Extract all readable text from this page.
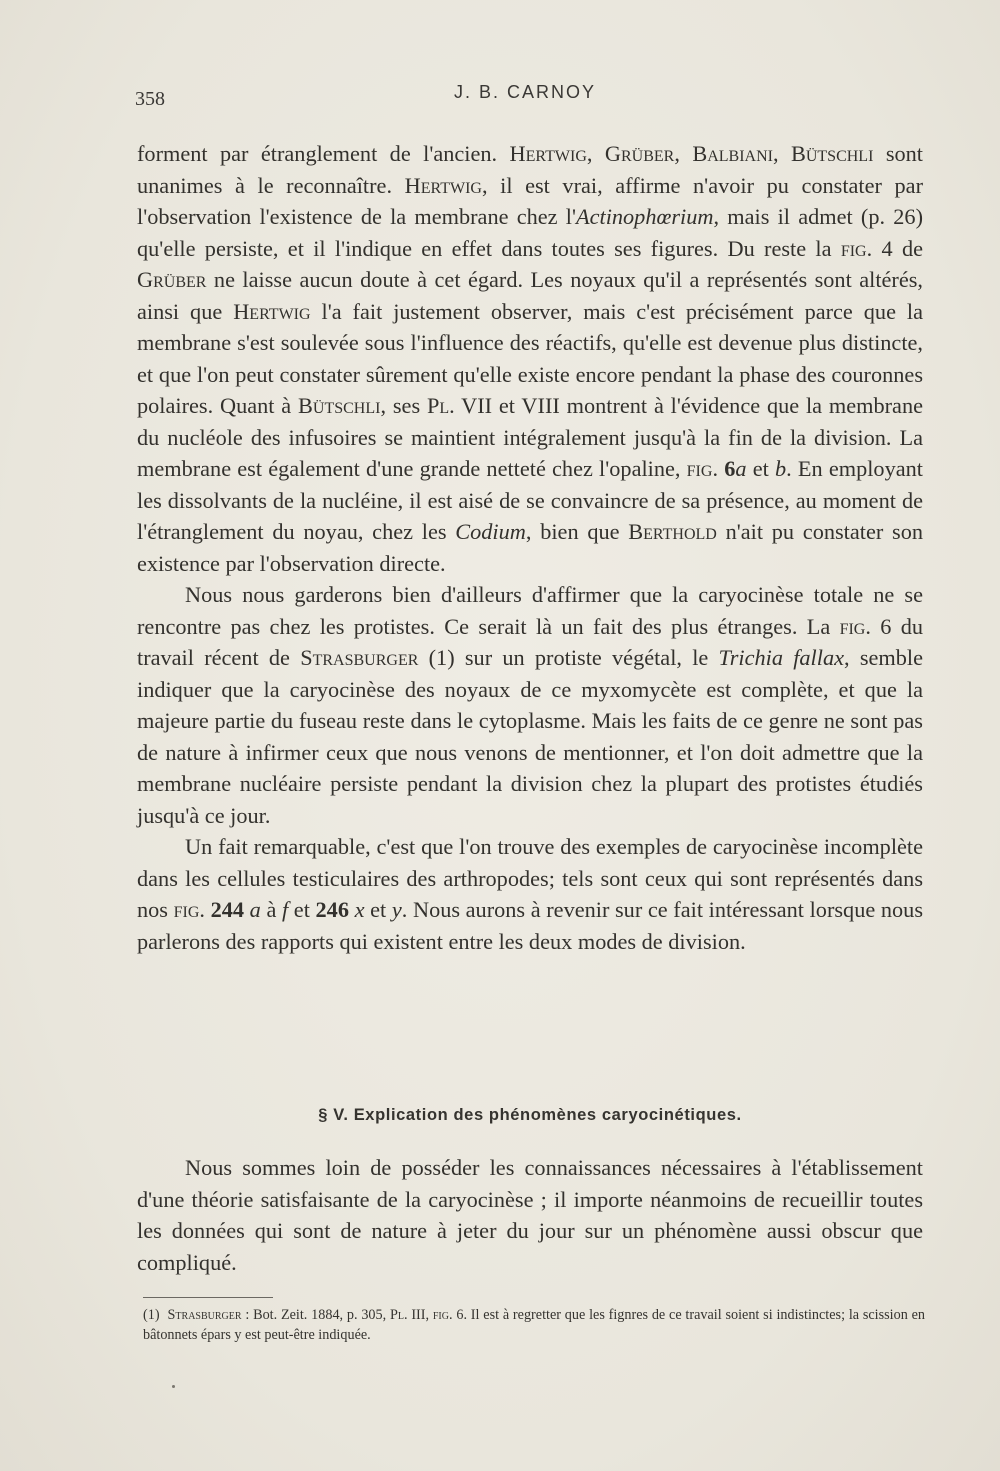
358	J. B. CARNOY

forment par étranglement de l'ancien. Hertwig, Grüber, Balbiani, Bütschli sont unanimes à le reconnaître. Hertwig, il est vrai, affirme n'avoir pu constater par l'observation l'existence de la membrane chez l'Actinophœrium, mais il admet (p. 26) qu'elle persiste, et il l'indique en effet dans toutes ses figures. Du reste la fig. 4 de Grüber ne laisse aucun doute à cet égard. Les noyaux qu'il a représentés sont altérés, ainsi que Hertwig l'a fait justement observer, mais c'est précisément parce que la membrane s'est soulevée sous l'influence des réactifs, qu'elle est devenue plus distincte, et que l'on peut constater sûrement qu'elle existe encore pendant la phase des couronnes polaires. Quant à Bütschli, ses Pl. VII et VIII montrent à l'évidence que la membrane du nucléole des infusoires se maintient intégralement jusqu'à la fin de la division. La membrane est également d'une grande netteté chez l'opaline, fig. 6a et b. En employant les dissolvants de la nucléine, il est aisé de se convaincre de sa présence, au moment de l'étranglement du noyau, chez les Codium, bien que Berthold n'ait pu constater son existence par l'observation directe.

Nous nous garderons bien d'ailleurs d'affirmer que la caryocinèse totale ne se rencontre pas chez les protistes. Ce serait là un fait des plus étranges. La fig. 6 du travail récent de Strasburger (1) sur un protiste végétal, le Trichia fallax, semble indiquer que la caryocinèse des noyaux de ce myxomycète est complète, et que la majeure partie du fuseau reste dans le cytoplasme. Mais les faits de ce genre ne sont pas de nature à infirmer ceux que nous venons de mentionner, et l'on doit admettre que la membrane nucléaire persiste pendant la division chez la plupart des protistes étudiés jusqu'à ce jour.

Un fait remarquable, c'est que l'on trouve des exemples de caryocinèse incomplète dans les cellules testiculaires des arthropodes; tels sont ceux qui sont représentés dans nos fig. 244 a à f et 246 x et y. Nous aurons à revenir sur ce fait intéressant lorsque nous parlerons des rapports qui existent entre les deux modes de division.

§ V. Explication des phénomènes caryocinétiques.

Nous sommes loin de posséder les connaissances nécessaires à l'établissement d'une théorie satisfaisante de la caryocinèse ; il importe néanmoins de recueillir toutes les données qui sont de nature à jeter du jour sur un phénomène aussi obscur que compliqué.

(1) Strasburger : Bot. Zeit. 1884, p. 305, Pl. III, fig. 6. Il est à regretter que les fignres de ce travail soient si indistinctes; la scission en bâtonnets épars y est peut-être indiquée.
